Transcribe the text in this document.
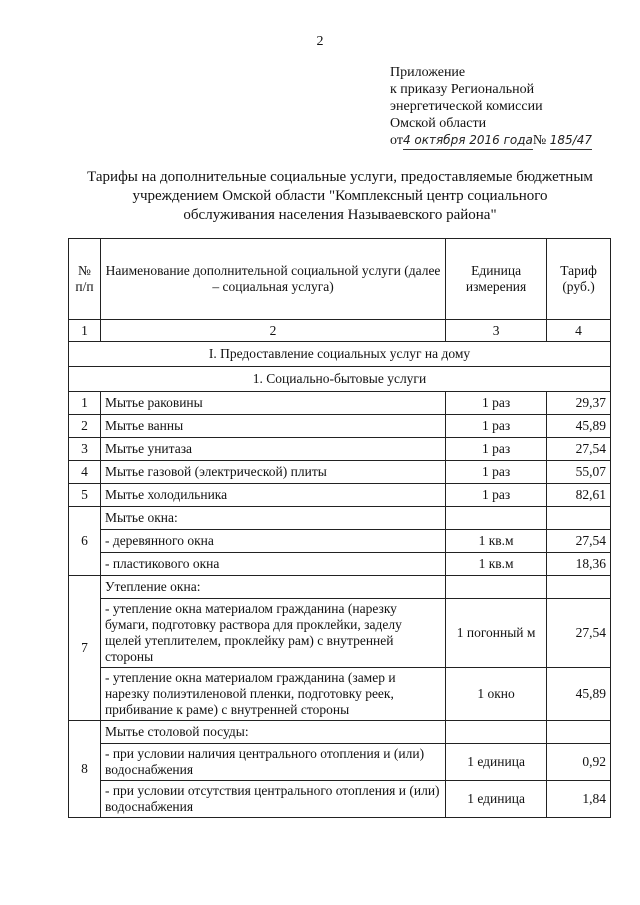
2
Приложение
к приказу Региональной
энергетической комиссии
Омской области
от4 октября 2016 года№ 185/47
Тарифы на дополнительные социальные услуги, предоставляемые бюджетным
учреждением Омской области "Комплексный центр социального
обслуживания населения Называевского района"
№ п/п	Наименование дополнительной социальной услуги (далее – социальная услуга)	Единица измерения	Тариф (руб.)
1	2	3	4
I. Предоставление социальных услуг на дому			
1. Социально-бытовые услуги			
1	Мытье раковины	1 раз	29,37
2	Мытье ванны	1 раз	45,89
3	Мытье унитаза	1 раз	27,54
4	Мытье газовой (электрической) плиты	1 раз	55,07
5	Мытье холодильника	1 раз	82,61
6	Мытье окна:		
	- деревянного окна	1 кв.м	27,54
	- пластикового окна	1 кв.м	18,36
7	Утепление окна:		
	- утепление окна материалом гражданина (нарезку бумаги, подготовку раствора для проклейки, заделу щелей утеплителем, проклейку рам) с внутренней стороны	1 погонный м	27,54
	- утепление окна материалом гражданина (замер и нарезку полиэтиленовой пленки, подготовку реек, прибивание к раме) с внутренней стороны	1 окно	45,89
8	Мытье столовой посуды:		
	- при условии наличия центрального отопления и (или) водоснабжения	1 единица	0,92
	- при условии отсутствия центрального отопления и (или) водоснабжения	1 единица	1,84
